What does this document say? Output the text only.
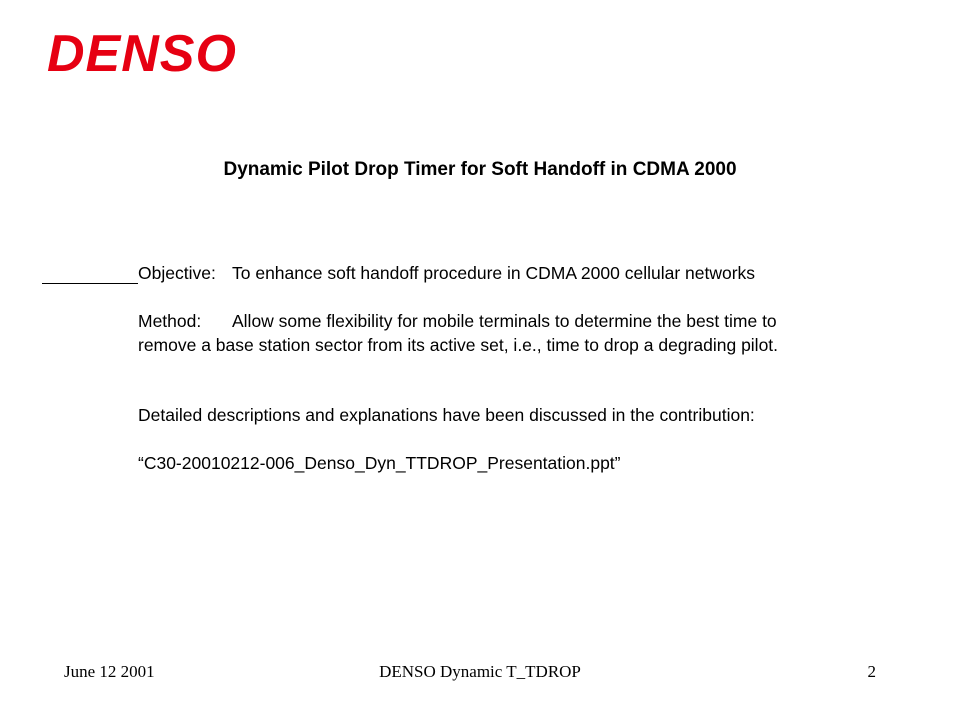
DENSO
Dynamic Pilot Drop Timer for Soft Handoff in CDMA 2000
Objective: To enhance soft handoff procedure in CDMA 2000 cellular networks
Method: Allow some flexibility for mobile terminals to determine the best time to
remove a base station sector from its active set, i.e., time to drop a degrading pilot.
Detailed descriptions and explanations have been discussed in the contribution:
“C30-20010212-006_Denso_Dyn_TTDROP_Presentation.ppt”
June 12 2001	DENSO Dynamic T_TDROP	2
